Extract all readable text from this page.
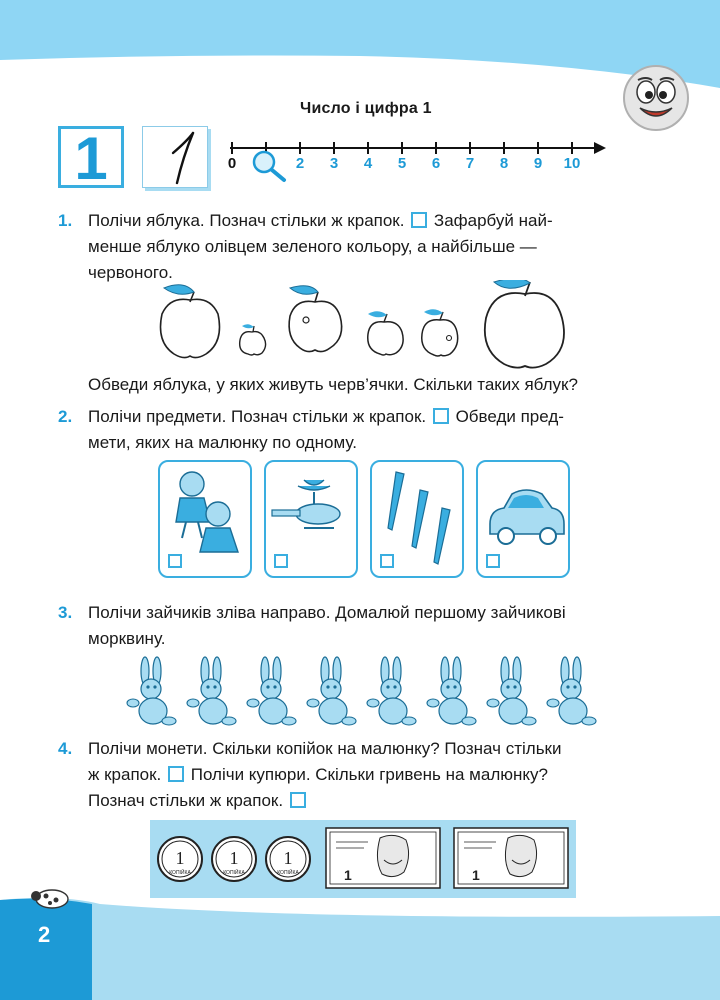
Число і цифра 1
1	0	2 3 4 5 6 7 8 9 10
1. Полічи яблука. Познач стільки ж крапок.  Зафарбуй най-
менше яблуко олівцем зеленого кольору, а найбільше —
червоного.
Обведи яблука, у яких живуть черв’ячки. Скільки таких яблук?
2. Полічи предмети. Познач стільки ж крапок.  Обведи пред-
мети, яких на малюнку по одному.
3. Полічи зайчиків зліва направо. Домалюй першому зайчикові
морквину.
4. Полічи монети. Скільки копійок на малюнку? Познач стільки
ж крапок.  Полічи купюри. Скільки гривень на малюнку?
Познач стільки ж крапок.
1
КОПІЙКА
1
КОПІЙКА
1
КОПІЙКА	1	1
2
